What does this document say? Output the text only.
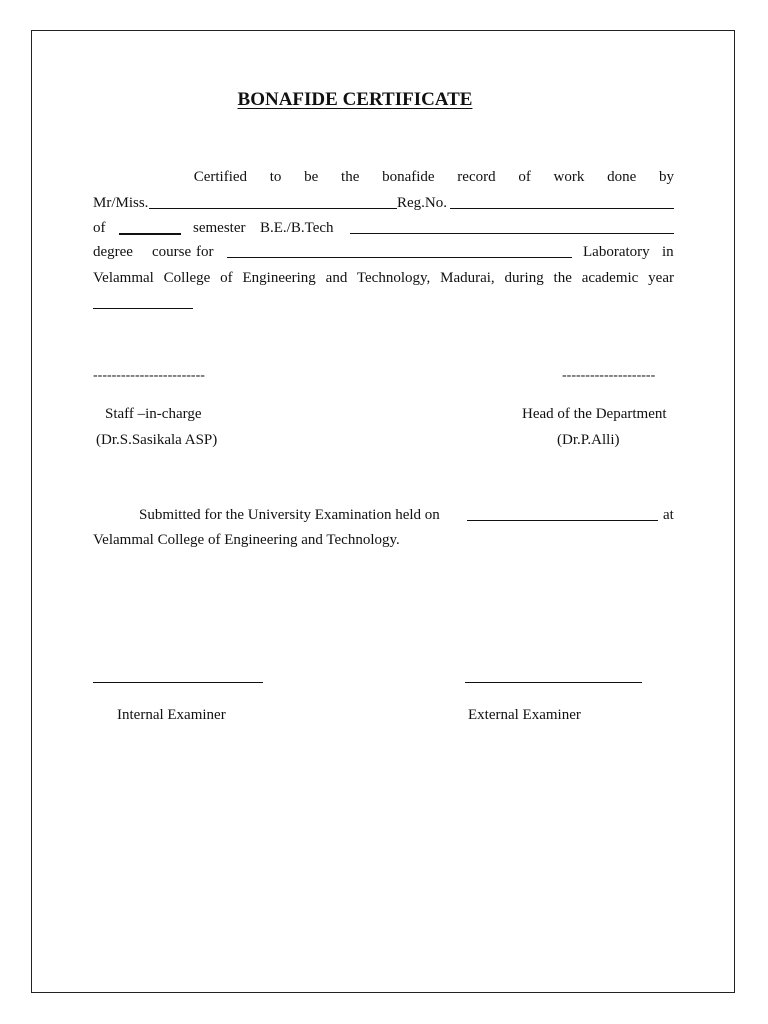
BONAFIDE CERTIFICATE
Certified to be the bonafide record of work done by
Mr/Miss.	Reg.No.
of	semester B.E./B.Tech
degree course for	Laboratory in
Velammal College of Engineering and Technology, Madurai, during the academic year
------------------------	--------------------
Staff –in-charge
(Dr.S.Sasikala ASP)
Head of the Department
(Dr.P.Alli)
Submitted for the University Examination held on	at
Velammal College of Engineering and Technology.
Internal Examiner	External Examiner
